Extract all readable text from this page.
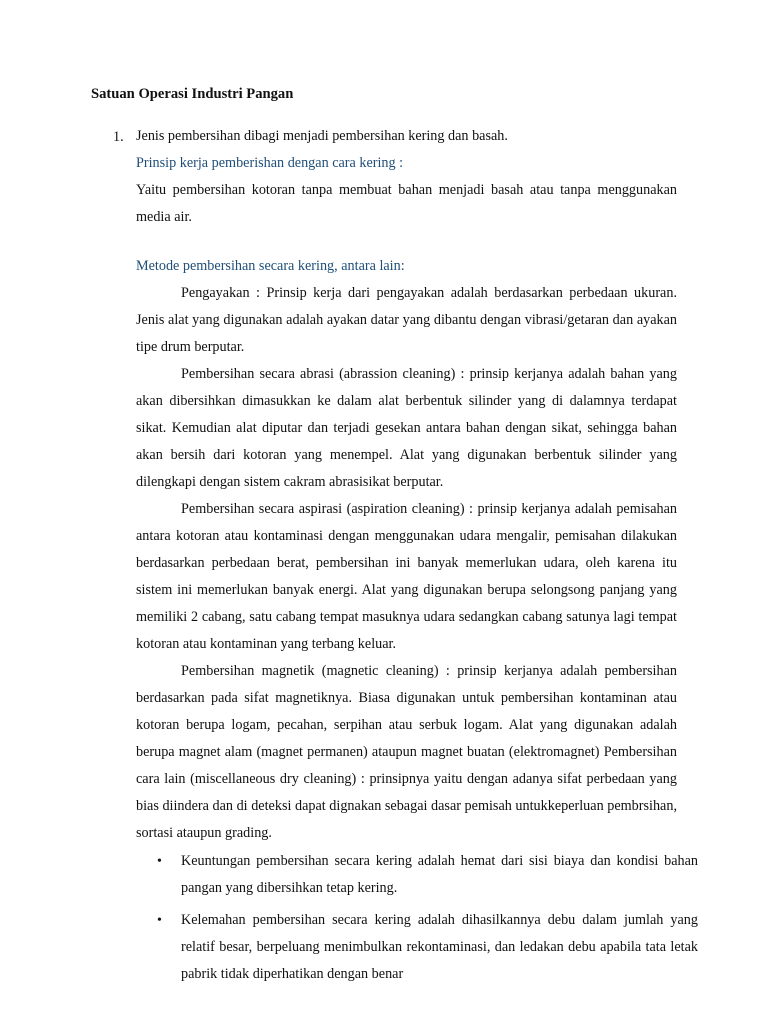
Satuan Operasi Industri Pangan
1. Jenis pembersihan dibagi menjadi pembersihan kering dan basah.
Prinsip kerja pemberishan dengan cara kering :
Yaitu pembersihan kotoran tanpa membuat bahan menjadi basah atau tanpa menggunakan media air.
Metode pembersihan secara kering, antara lain:

Pengayakan : Prinsip kerja dari pengayakan adalah berdasarkan perbedaan ukuran. Jenis alat yang digunakan adalah ayakan datar yang dibantu dengan vibrasi/getaran dan ayakan tipe drum berputar.

Pembersihan secara abrasi (abrassion cleaning) : prinsip kerjanya adalah bahan yang akan dibersihkan dimasukkan ke dalam alat berbentuk silinder yang di dalamnya terdapat sikat. Kemudian alat diputar dan terjadi gesekan antara bahan dengan sikat, sehingga bahan akan bersih dari kotoran yang menempel. Alat yang digunakan berbentuk silinder yang dilengkapi dengan sistem cakram abrasisikat berputar.

Pembersihan secara aspirasi (aspiration cleaning) : prinsip kerjanya adalah pemisahan antara kotoran atau kontaminasi dengan menggunakan udara mengalir, pemisahan dilakukan berdasarkan perbedaan berat, pembersihan ini banyak memerlukan udara, oleh karena itu sistem ini memerlukan banyak energi. Alat yang digunakan berupa selongsong panjang yang memiliki 2 cabang, satu cabang tempat masuknya udara sedangkan cabang satunya lagi tempat kotoran atau kontaminan yang terbang keluar.

Pembersihan magnetik (magnetic cleaning) : prinsip kerjanya adalah pembersihan berdasarkan pada sifat magnetiknya. Biasa digunakan untuk pembersihan kontaminan atau kotoran berupa logam, pecahan, serpihan atau serbuk logam. Alat yang digunakan adalah berupa magnet alam (magnet permanen) ataupun magnet buatan (elektromagnet) Pembersihan cara lain (miscellaneous dry cleaning) : prinsipnya yaitu dengan adanya sifat perbedaan yang bias diindera dan di deteksi dapat dignakan sebagai dasar pemisah untukkeperluan pembrsihan, sortasi ataupun grading.

• Keuntungan pembersihan secara kering adalah hemat dari sisi biaya dan kondisi bahan pangan yang dibersihkan tetap kering.
• Kelemahan pembersihan secara kering adalah dihasilkannya debu dalam jumlah yang relatif besar, berpeluang menimbulkan rekontaminasi, dan ledakan debu apabila tata letak pabrik tidak diperhatikan dengan benar
